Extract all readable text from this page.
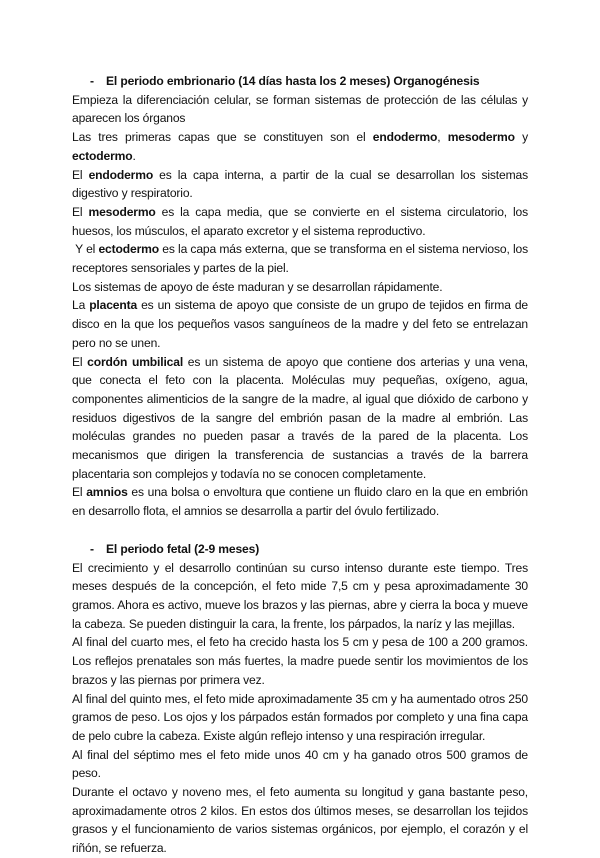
- El periodo embrionario (14 días hasta los 2 meses) Organogénesis

Empieza la diferenciación celular, se forman sistemas de protección de las células y aparecen los órganos

Las tres primeras capas que se constituyen son el endodermo, mesodermo y ectodermo.

El endodermo es la capa interna, a partir de la cual se desarrollan los sistemas digestivo y respiratorio.

El mesodermo es la capa media, que se convierte en el sistema circulatorio, los huesos, los músculos, el aparato excretor y el sistema reproductivo.

Y el ectodermo es la capa más externa, que se transforma en el sistema nervioso, los receptores sensoriales y partes de la piel.

Los sistemas de apoyo de éste maduran y se desarrollan rápidamente.

La placenta es un sistema de apoyo que consiste de un grupo de tejidos en firma de disco en la que los pequeños vasos sanguíneos de la madre y del feto se entrelazan pero no se unen.

El cordón umbilical es un sistema de apoyo que contiene dos arterias y una vena, que conecta el feto con la placenta. Moléculas muy pequeñas, oxígeno, agua, componentes alimenticios de la sangre de la madre, al igual que dióxido de carbono y residuos digestivos de la sangre del embrión pasan de la madre al embrión. Las moléculas grandes no pueden pasar a través de la pared de la placenta. Los mecanismos que dirigen la transferencia de sustancias a través de la barrera placentaria son complejos y todavía no se conocen completamente.

El amnios es una bolsa o envoltura que contiene un fluido claro en la que en embrión en desarrollo flota, el amnios se desarrolla a partir del óvulo fertilizado.

- El periodo fetal (2-9 meses)

El crecimiento y el desarrollo continúan su curso intenso durante este tiempo. Tres meses después de la concepción, el feto mide 7,5 cm y pesa aproximadamente 30 gramos. Ahora es activo, mueve los brazos y las piernas, abre y cierra la boca y mueve la cabeza. Se pueden distinguir la cara, la frente, los párpados, la naríz y las mejillas.

Al final del cuarto mes, el feto ha crecido hasta los 5 cm y pesa de 100 a 200 gramos. Los reflejos prenatales son más fuertes, la madre puede sentir los movimientos de los brazos y las piernas por primera vez.

Al final del quinto mes, el feto mide aproximadamente 35 cm y ha aumentado otros 250 gramos de peso. Los ojos y los párpados están formados por completo y una fina capa de pelo cubre la cabeza. Existe algún reflejo intenso y una respiración irregular.

Al final del séptimo mes el feto mide unos 40 cm y ha ganado otros 500 gramos de peso.

Durante el octavo y noveno mes, el feto aumenta su longitud y gana bastante peso, aproximadamente otros 2 kilos. En estos dos últimos meses, se desarrollan los tejidos grasos y el funcionamiento de varios sistemas orgánicos, por ejemplo, el corazón y el riñón, se refuerza.
